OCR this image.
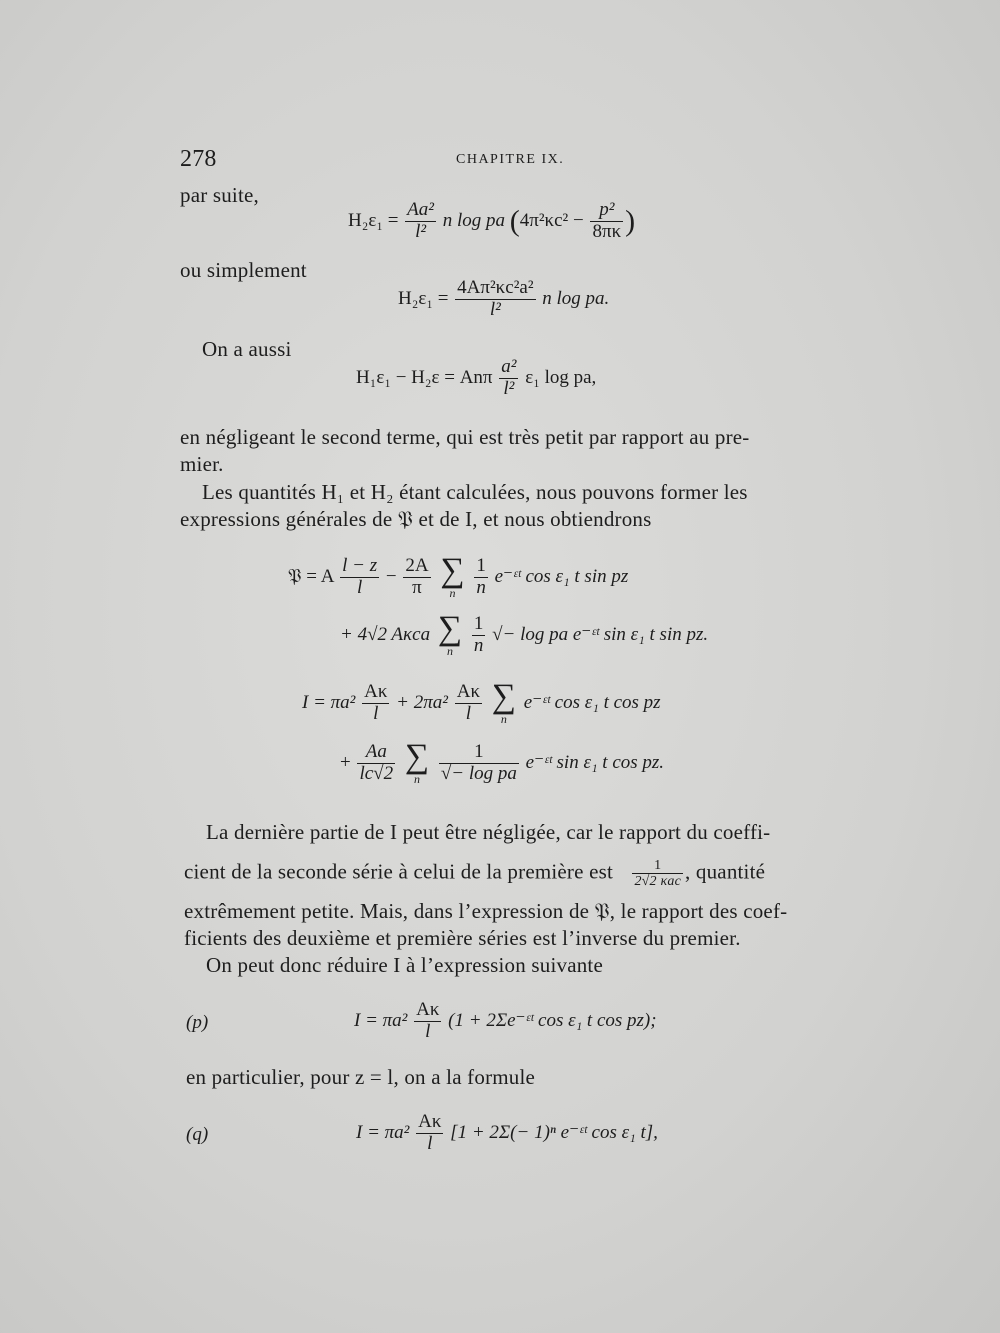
278	CHAPITRE IX.
par suite,
$H_2\varepsilon_1 = \frac{\text{Aa²}}{\text{l²}}$ n log pa ($4\pi^2\kappa c^2 - \frac{\text{p²}}{8\pi\kappa}$ )
ou simplement
$H_2\varepsilon_1 = \frac{\text{4Aπ²κc²a²}}{\text{l²}}$ n log pa.
On a aussi
H₁ε₁ − H₂ε = Anπ $\frac{\text{a²}}{\text{l²}} \varepsilon_1$ log pa,
en négligeant le second terme, qui est très petit par rapport au pre-
mier.
Les quantités H₁ et H₂ étant calculées, nous pouvons former les
expressions générales de 𝔓 et de I, et nous obtiendrons
𝔓 = A $\frac{l - z}{l} - \frac{2A}{\pi}$
∑
n
$\frac{1}{n}$ e⁻ᵋᵗ cos ε₁ t sin pz
+ 4√2 Aκca ∑
n
$\frac{1}{n}$ √− log pa e⁻ᵋᵗ sin ε₁ t sin pz.
$I = \pi a^2 \frac{A\kappa}{l} + 2\pi a^2 \frac{A\kappa}{l}$
∑
n
e⁻ᵋᵗ cos ε₁ t cos pz
+ $\frac{Aa}{lc√2}$
∑
n
$\frac{1}{\text{√− log pa}}$ e⁻ᵋᵗ sin ε₁ t cos pz.
La dernière partie de I peut être négligée, car le rapport du coeffi-
cient de la seconde série à celui de la première est $\frac{1}{\text{2√2 κac}}$ , quantité
extrêmement petite. Mais, dans l’expression de 𝔓, le rapport des coef-
ficients des deuxième et première séries est l’inverse du premier.
On peut donc réduire I à l’expression suivante
(p)	$I = \pi a^2 \frac{A\kappa}{l} (1$ + 2Σe⁻ᵋᵗ cos ε₁ t cos pz);
en particulier, pour z = l, on a la formule
(q)	$I = \pi a^2 \frac{A\kappa}{l} [1 + 2\Sigma(- 1)^n$ e⁻ᵋᵗ cos ε₁ t],
